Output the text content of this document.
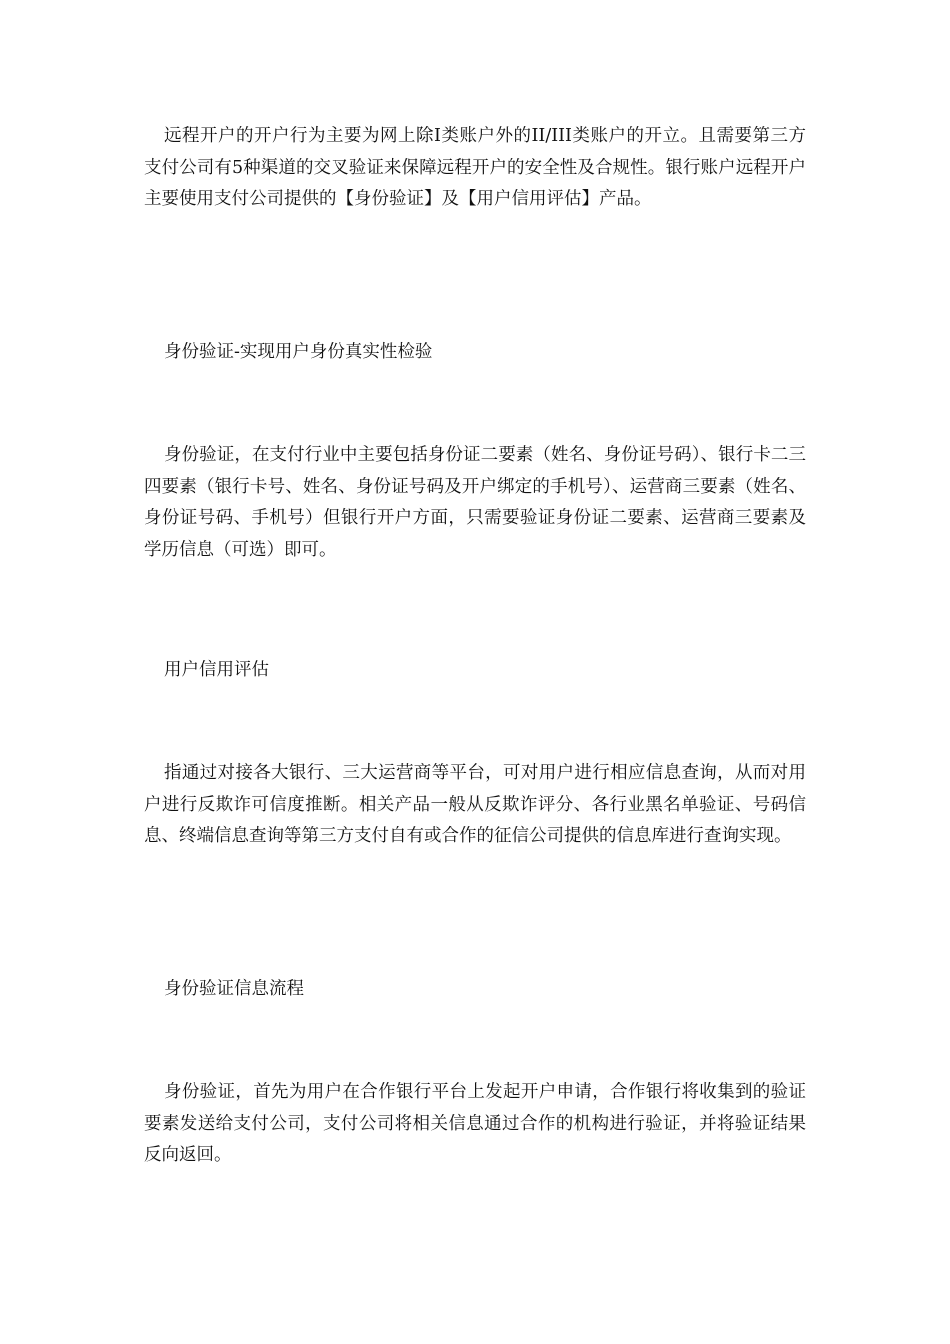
远程开户的开户行为主要为网上除I类账户外的II/III类账户的开立。且需要第三方支付公司有5种渠道的交叉验证来保障远程开户的安全性及合规性。银行账户远程开户主要使用支付公司提供的【身份验证】及【用户信用评估】产品。

身份验证-实现用户身份真实性检验

身份验证，在支付行业中主要包括身份证二要素（姓名、身份证号码）、银行卡二三四要素（银行卡号、姓名、身份证号码及开户绑定的手机号）、运营商三要素（姓名、身份证号码、手机号）但银行开户方面，只需要验证身份证二要素、运营商三要素及学历信息（可选）即可。

用户信用评估

指通过对接各大银行、三大运营商等平台，可对用户进行相应信息查询，从而对用户进行反欺诈可信度推断。相关产品一般从反欺诈评分、各行业黑名单验证、号码信息、终端信息查询等第三方支付自有或合作的征信公司提供的信息库进行查询实现。

身份验证信息流程

身份验证，首先为用户在合作银行平台上发起开户申请，合作银行将收集到的验证要素发送给支付公司，支付公司将相关信息通过合作的机构进行验证，并将验证结果反向返回。
